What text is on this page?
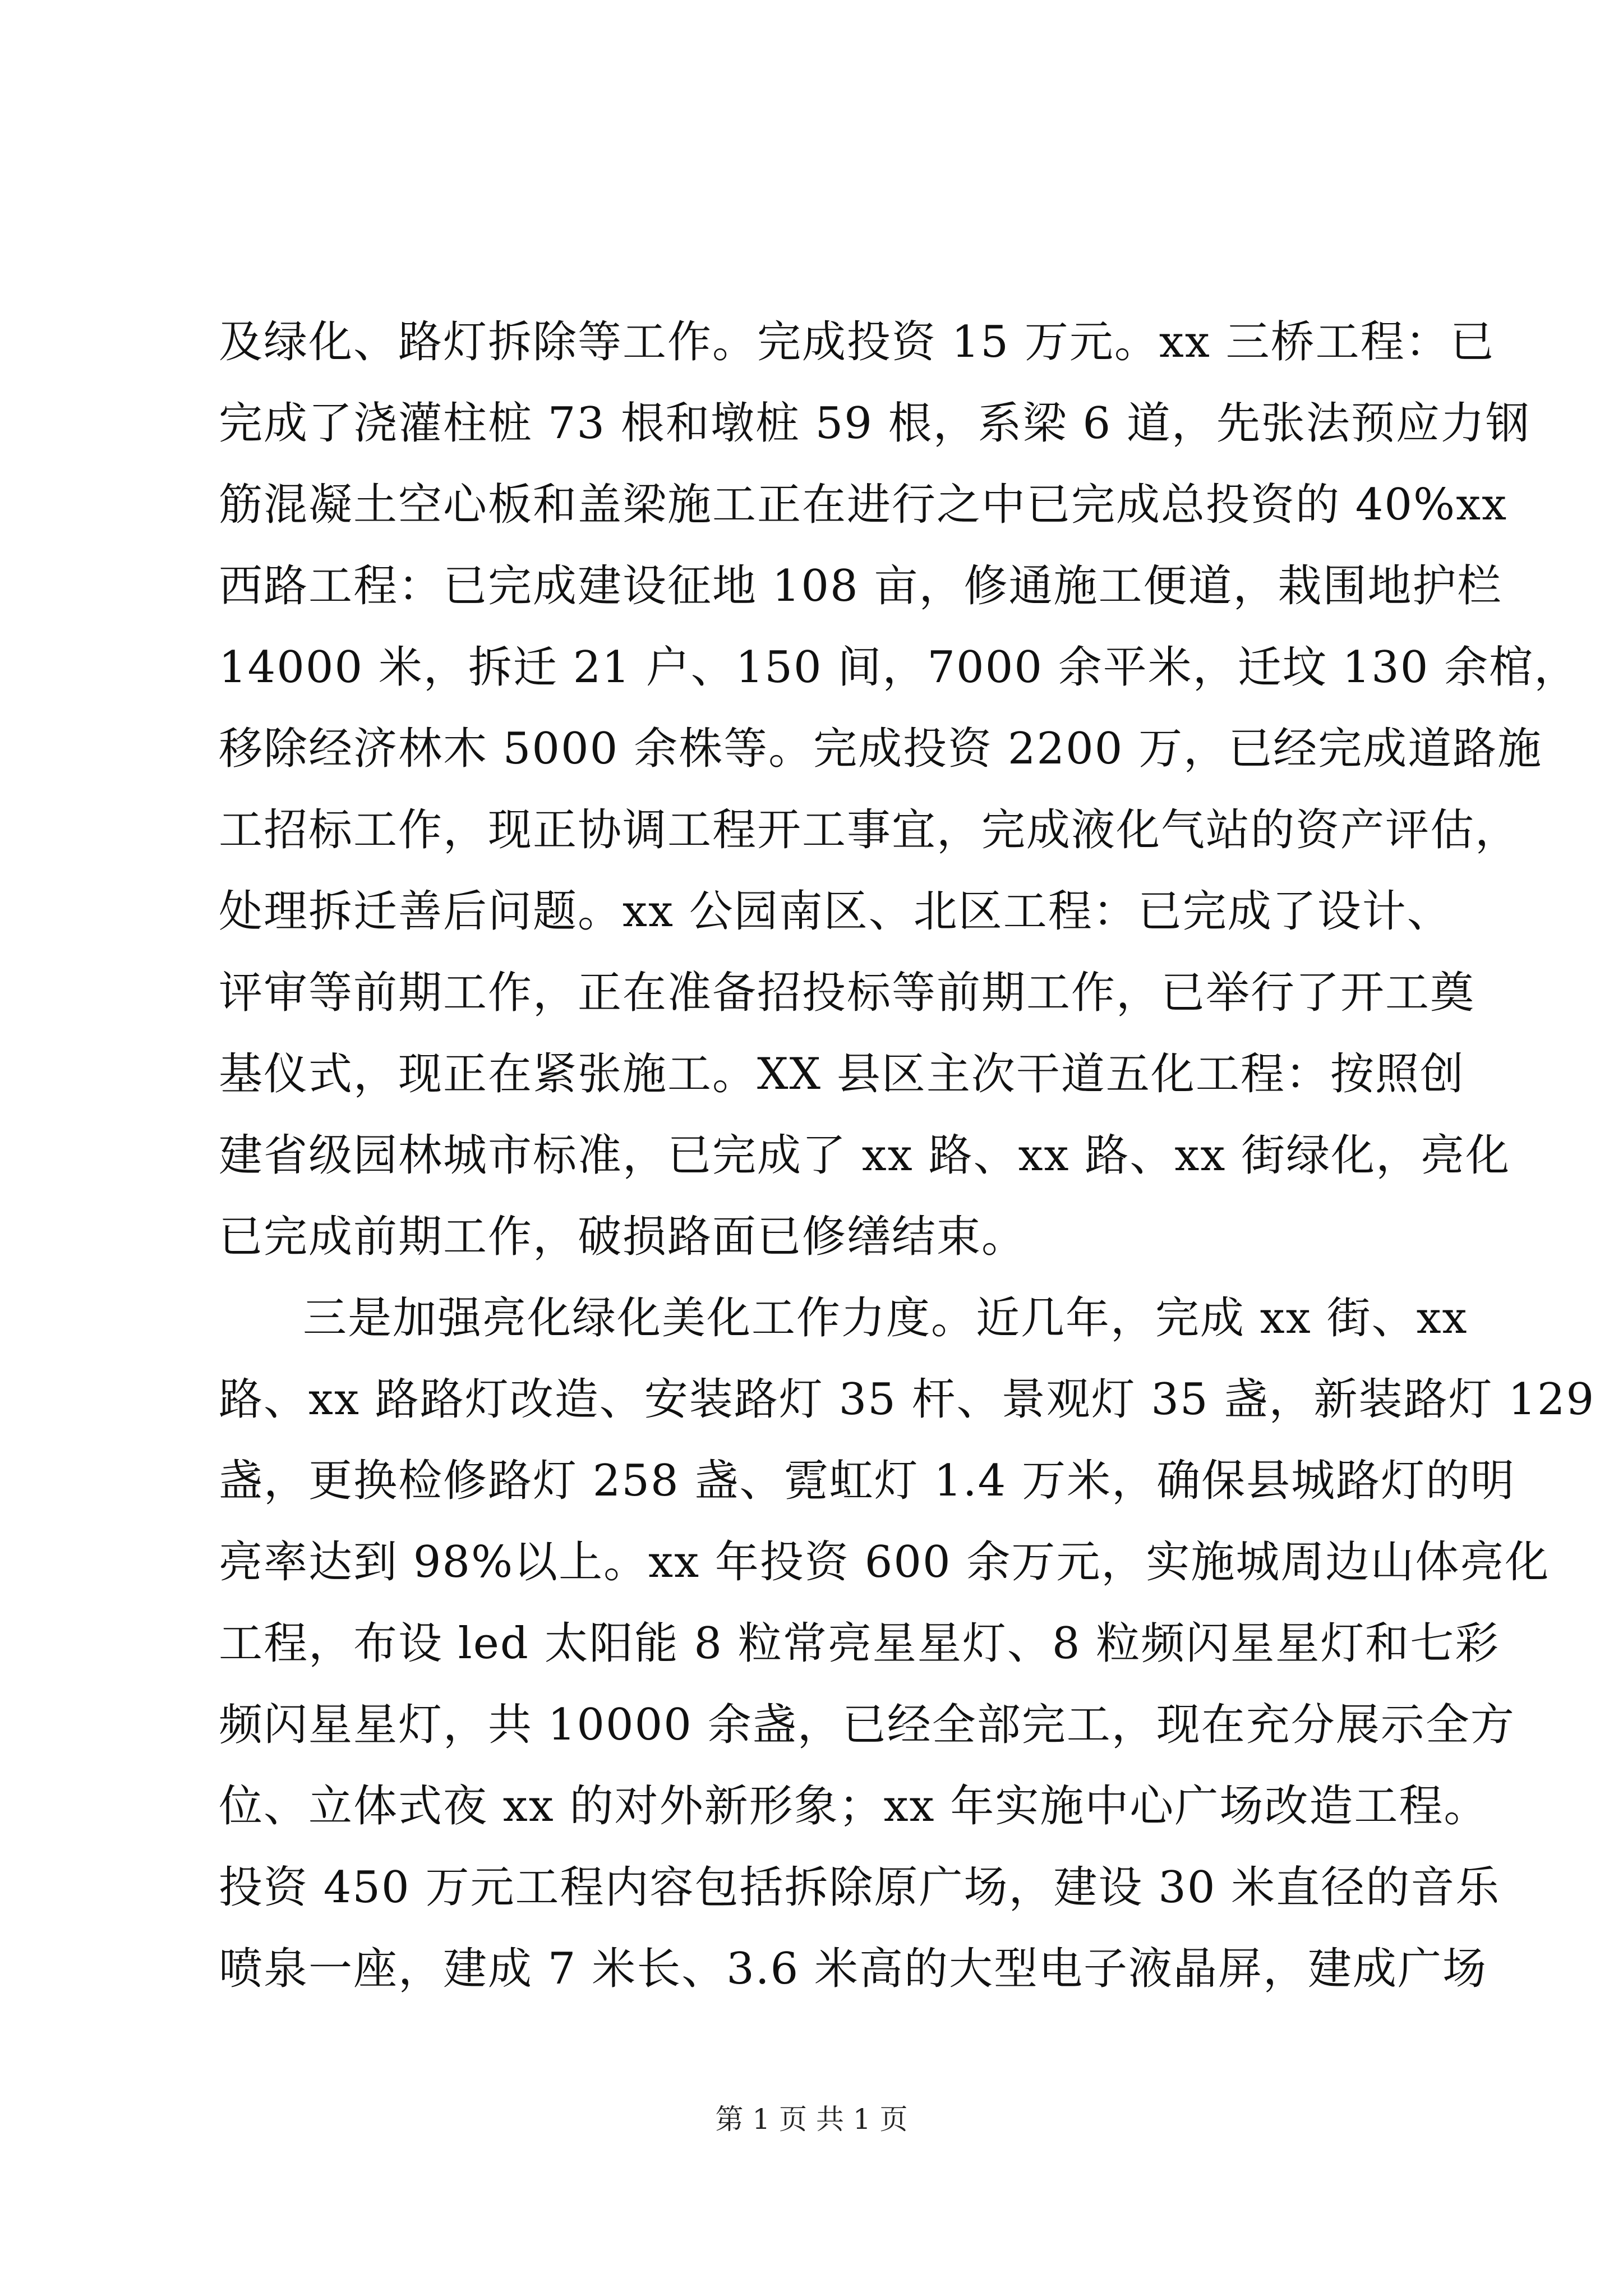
及绿化、路灯拆除等工作。完成投资 15 万元。xx 三桥工程：已
完成了浇灌柱桩 73 根和墩桩 59 根，系梁 6 道，先张法预应力钢
筋混凝土空心板和盖梁施工正在进行之中已完成总投资的 40%xx
西路工程：已完成建设征地 108 亩，修通施工便道，栽围地护栏
14000 米，拆迁 21 户、150 间，7000 余平米，迁坟 130 余棺，
移除经济林木 5000 余株等。完成投资 2200 万，已经完成道路施
工招标工作，现正协调工程开工事宜，完成液化气站的资产评估，
处理拆迁善后问题。xx 公园南区、北区工程：已完成了设计、
评审等前期工作，正在准备招投标等前期工作，已举行了开工奠
基仪式，现正在紧张施工。XX 县区主次干道五化工程：按照创
建省级园林城市标准，已完成了 xx 路、xx 路、xx 街绿化，亮化
已完成前期工作，破损路面已修缮结束。
三是加强亮化绿化美化工作力度。近几年，完成 xx 街、xx
路、xx 路路灯改造、安装路灯 35 杆、景观灯 35 盏，新装路灯 129
盏，更换检修路灯 258 盏、霓虹灯 1.4 万米，确保县城路灯的明
亮率达到 98%以上。xx 年投资 600 余万元，实施城周边山体亮化
工程，布设 led 太阳能 8 粒常亮星星灯、8 粒频闪星星灯和七彩
频闪星星灯，共 10000 余盏，已经全部完工，现在充分展示全方
位、立体式夜 xx 的对外新形象；xx 年实施中心广场改造工程。
投资 450 万元工程内容包括拆除原广场，建设 30 米直径的音乐
喷泉一座，建成 7 米长、3.6 米高的大型电子液晶屏，建成广场
第 1 页 共 1 页
